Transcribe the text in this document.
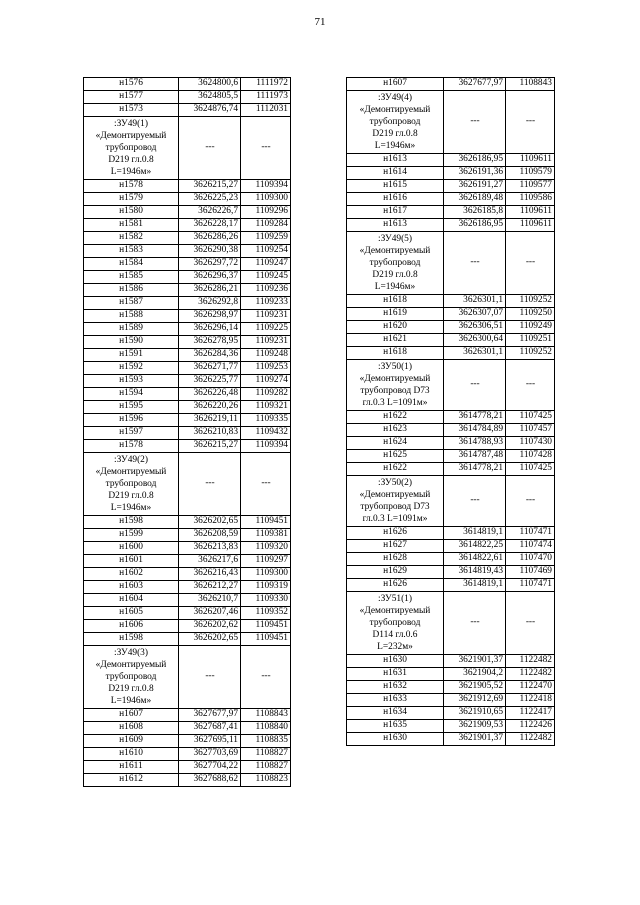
71
н1576	3624800,6	1111972
н1577	3624805,5	1111973
н1573	3624876,74	1112031
:ЗУ49(1)
«Демонтируемый
трубопровод
D219 гл.0.8
L=1946м»	---	---
н1578	3626215,27	1109394
н1579	3626225,23	1109300
н1580	3626226,7	1109296
н1581	3626228,17	1109284
н1582	3626286,26	1109259
н1583	3626290,38	1109254
н1584	3626297,72	1109247
н1585	3626296,37	1109245
н1586	3626286,21	1109236
н1587	3626292,8	1109233
н1588	3626298,97	1109231
н1589	3626296,14	1109225
н1590	3626278,95	1109231
н1591	3626284,36	1109248
н1592	3626271,77	1109253
н1593	3626225,77	1109274
н1594	3626226,48	1109282
н1595	3626220,26	1109321
н1596	3626219,11	1109335
н1597	3626210,83	1109432
н1578	3626215,27	1109394
:ЗУ49(2)
«Демонтируемый
трубопровод
D219 гл.0.8
L=1946м»	---	---
н1598	3626202,65	1109451
н1599	3626208,59	1109381
н1600	3626213,83	1109320
н1601	3626217,6	1109297
н1602	3626216,43	1109300
н1603	3626212,27	1109319
н1604	3626210,7	1109330
н1605	3626207,46	1109352
н1606	3626202,62	1109451
н1598	3626202,65	1109451
:ЗУ49(3)
«Демонтируемый
трубопровод
D219 гл.0.8
L=1946м»	---	---
н1607	3627677,97	1108843
н1608	3627687,41	1108840
н1609	3627695,11	1108835
н1610	3627703,69	1108827
н1611	3627704,22	1108827
н1612	3627688,62	1108823
н1607	3627677,97	1108843
:ЗУ49(4)
«Демонтируемый
трубопровод
D219 гл.0.8
L=1946м»	---	---
н1613	3626186,95	1109611
н1614	3626191,36	1109579
н1615	3626191,27	1109577
н1616	3626189,48	1109586
н1617	3626185,8	1109611
н1613	3626186,95	1109611
:ЗУ49(5)
«Демонтируемый
трубопровод
D219 гл.0.8
L=1946м»	---	---
н1618	3626301,1	1109252
н1619	3626307,07	1109250
н1620	3626306,51	1109249
н1621	3626300,64	1109251
н1618	3626301,1	1109252
:ЗУ50(1)
«Демонтируемый
трубопровод D73
гл.0.3 L=1091м»	---	---
н1622	3614778,21	1107425
н1623	3614784,89	1107457
н1624	3614788,93	1107430
н1625	3614787,48	1107428
н1622	3614778,21	1107425
:ЗУ50(2)
«Демонтируемый
трубопровод D73
гл.0.3 L=1091м»	---	---
н1626	3614819,1	1107471
н1627	3614822,25	1107474
н1628	3614822,61	1107470
н1629	3614819,43	1107469
н1626	3614819,1	1107471
:ЗУ51(1)
«Демонтируемый
трубопровод
D114 гл.0.6
L=232м»	---	---
н1630	3621901,37	1122482
н1631	3621904,2	1122482
н1632	3621905,52	1122470
н1633	3621912,69	1122418
н1634	3621910,65	1122417
н1635	3621909,53	1122426
н1630	3621901,37	1122482
